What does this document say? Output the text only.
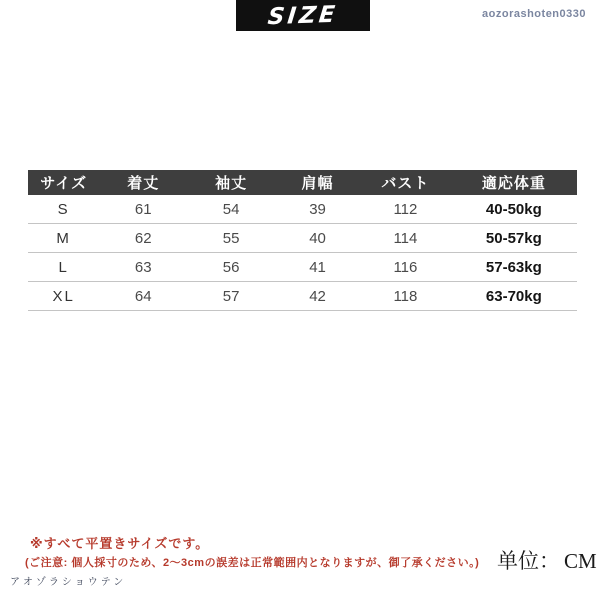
SIZE	aozorashoten0330
サイズ	着丈	袖丈	肩幅	バスト	適応体重
S	61	54	39	112	40-50kg
M	62	55	40	114	50-57kg
L	63	56	41	116	57-63kg
XL	64	57	42	118	63-70kg
※すべて平置きサイズです。
(ご注意: 個人採寸のため、2〜3cmの誤差は正常範囲内となりますが、御了承ください。)
アオゾラショウテン
单位： CM
